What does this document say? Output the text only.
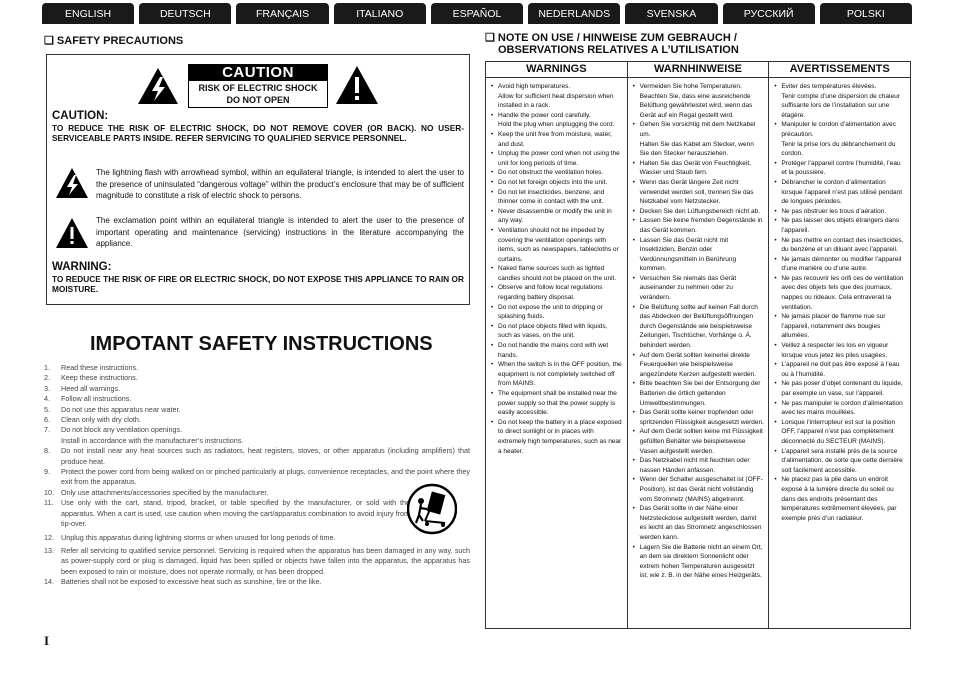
ENGLISH	DEUTSCH	FRANÇAIS	ITALIANO	ESPAÑOL	NEDERLANDS	SVENSKA	РУССКИЙ	POLSKI
❑ SAFETY PRECAUTIONS
CAUTION
RISK OF ELECTRIC SHOCK
DO NOT OPEN
CAUTION:
TO REDUCE THE RISK OF ELECTRIC SHOCK, DO NOT REMOVE COVER (OR BACK). NO USER-SERVICEABLE PARTS INSIDE. REFER SERVICING TO QUALIFIED SERVICE PERSONNEL.
The lightning flash with arrowhead symbol, within an equilateral triangle, is intended to alert the user to the presence of uninsulated “dangerous voltage” within the product’s enclosure that may be of sufficient magnitude to constitute a risk of electric shock to persons.
The exclamation point within an equilateral triangle is intended to alert the user to the presence of important operating and maintenance (servicing) instructions in the literature accompanying the appliance.
WARNING:
TO REDUCE THE RISK OF FIRE OR ELECTRIC SHOCK, DO NOT EXPOSE THIS APPLIANCE TO RAIN OR MOISTURE.
IMPOTANT SAFETY INSTRUCTIONS
1.	Read these instructions.
2.	Keep these instructions.
3.	Heed all warnings.
4.	Follow all instructions.
5.	Do not use this apparatus near water.
6.	Clean only with dry cloth.
7.	Do not block any ventilation openings.
Install in accordance with the manufacturer’s instructions.
8.	Do not install near any heat sources such as radiators, heat registers, stoves, or other apparatus (including amplifiers) that produce heat.
9.	Protect the power cord from being walked on or pinched particularly at plugs, convenience receptacles, and the point where they exit from the apparatus.
10. Only use attachments/accessories specified by the manufacturer.
11.	Use only with the cart, stand, tripod, bracket, or table specified by the manufacturer, or sold with the apparatus. When a cart is used, use caution when moving the cart/apparatus combination to avoid injury from tip-over.
12. Unplug this apparatus during lightning storms or when unused for long periods of time.
13. Refer all servicing to qualified service personnel. Servicing is required when the apparatus has been damaged in any way, such as power-supply cord or plug is damaged, liquid has been spilled or objects have fallen into the apparatus, the apparatus has been exposed to rain or moisture, does not operate normally, or has been dropped.
14. Batteries shall not be exposed to excessive heat such as sunshine, fire or the like.
I
❑ NOTE ON USE / HINWEISE ZUM GEBRAUCH /
OBSERVATIONS RELATIVES A L’UTILISATION
WARNINGS
• Avoid high temperatures.
Allow for sufficient heat dispersion when installed in a rack.
• Handle the power cord carefully.
Hold the plug when unplugging the cord.
• Keep the unit free from moisture, water, and dust.
• Unplug the power cord when not using the unit for long periods of time.
• Do not obstruct the ventilation holes.
• Do not let foreign objects into the unit.
• Do not let insecticides, benzene, and thinner come in contact with the unit.
• Never disassemble or modify the unit in any way.
• Ventilation should not be impeded by covering the ventilation openings with items, such as newspapers, tablecloths or curtains.
• Naked flame sources such as lighted candles should not be placed on the unit.
• Observe and follow local regulations regarding battery disposal.
• Do not expose the unit to dripping or splashing fluids.
• Do not place objects filled with liquids, such as vases, on the unit.
• Do not handle the mains cord with wet hands.
• When the switch is in the OFF position, the equipment is not completely switched off from MAINS.
• The equipment shall be installed near the power supply so that the power supply is easily accessible.
• Do not keep the battery in a place exposed to direct sunlight or in places with extremely high temperatures, such as near a heater.
WARNHINWEISE
• Vermeiden Sie hohe Temperaturen.
Beachten Sie, dass eine ausreichende Belüftung gewährleistet wird, wenn das Gerät auf ein Regal gestellt wird.
• Gehen Sie vorsichtig mit dem Netzkabel um.
Halten Sie das Kabel am Stecker, wenn Sie den Stecker herausziehen.
• Halten Sie das Gerät von Feuchtigkeit, Wasser und Staub fern.
• Wenn das Gerät längere Zeit nicht verwendet werden soll, trennen Sie das Netzkabel vom Netzstecker.
• Decken Sie den Lüftungsbereich nicht ab.
• Lassen Sie keine fremden Gegenstände in das Gerät kommen.
• Lassen Sie das Gerät nicht mit Insektiziden, Benzin oder Verdünnungsmitteln in Berührung kommen.
• Versuchen Sie niemals das Gerät auseinander zu nehmen oder zu verändern.
• Die Belüftung sollte auf keinen Fall durch das Abdecken der Belüftungsöffnungen durch Gegenstände wie beispielsweise Zeitungen, Tischtücher, Vorhänge o. Ä. behindert werden.
• Auf dem Gerät sollten keinerlei direkte Feuerquellen wie beispielsweise angezündete Kerzen aufgestellt werden.
• Bitte beachten Sie bei der Entsorgung der Batterien die örtlich geltenden Umweltbestimmungen.
• Das Gerät sollte keiner tropfenden oder spritzenden Flüssigkeit ausgesetzt werden.
• Auf dem Gerät sollten keine mit Flüssigkeit gefüllten Behälter wie beispielsweise Vasen aufgestellt werden.
• Das Netzkabel nicht mit feuchten oder nassen Händen anfassen.
• Wenn der Schalter ausgeschaltet ist (OFF-Position), ist das Gerät nicht vollständig vom Stromnetz (MAINS) abgetrennt.
• Das Gerät sollte in der Nähe einer Netzsteckdose aufgestellt werden, damit es leicht an das Stromnetz angeschlossen werden kann.
• Lagern Sie die Batterie nicht an einem Ort, an dem sie direktem Sonnenlicht oder extrem hohen Temperaturen ausgesetzt ist, wie z. B. in der Nähe eines Heizgeräts.
AVERTISSEMENTS
• Eviter des températures élevées.
Tenir compte d’une dispersion de chaleur suffisante lors de l’installation sur une étagère.
• Manipuler le cordon d’alimentation avec précaution.
Tenir la prise lors du débranchement du cordon.
• Protéger l’appareil contre l’humidité, l’eau et la poussière.
• Débrancher le cordon d’alimentation lorsque l’appareil n’est pas utilisé pendant de longues périodes.
• Ne pas obstruer les trous d’aération.
• Ne pas laisser des objets étrangers dans l’appareil.
• Ne pas mettre en contact des insecticides, du benzène et un diluant avec l’appareil.
• Ne jamais démonter ou modifier l’appareil d’une manière ou d’une autre.
• Ne pas recouvrir les orifi ces de ventilation avec des objets tels que des journaux, nappes ou rideaux. Cela entraverait la ventilation.
• Ne jamais placer de flamme nue sur l’appareil, notamment des bougies allumées.
• Veillez à respecter les lois en vigueur lorsque vous jetez les piles usagées.
• L’appareil ne doit pas être exposé à l’eau ou à l’humidité.
• Ne pas poser d’objet contenant du liquide, par exemple un vase, sur l’appareil.
• Ne pas manipuler le cordon d’alimentation avec les mains mouillées.
• Lorsque l’interrupteur est sur la position OFF, l’appareil n’est pas complètement déconnecté du SECTEUR (MAINS).
• L’appareil sera installé près de la source d’alimentation, de sorte que cette dernière soit facilement accessible.
• Ne placez pas la pile dans un endroit exposé à la lumière directe du soleil ou dans des endroits présentant des températures extrêmement élevées, par exemple près d’un radiateur.
